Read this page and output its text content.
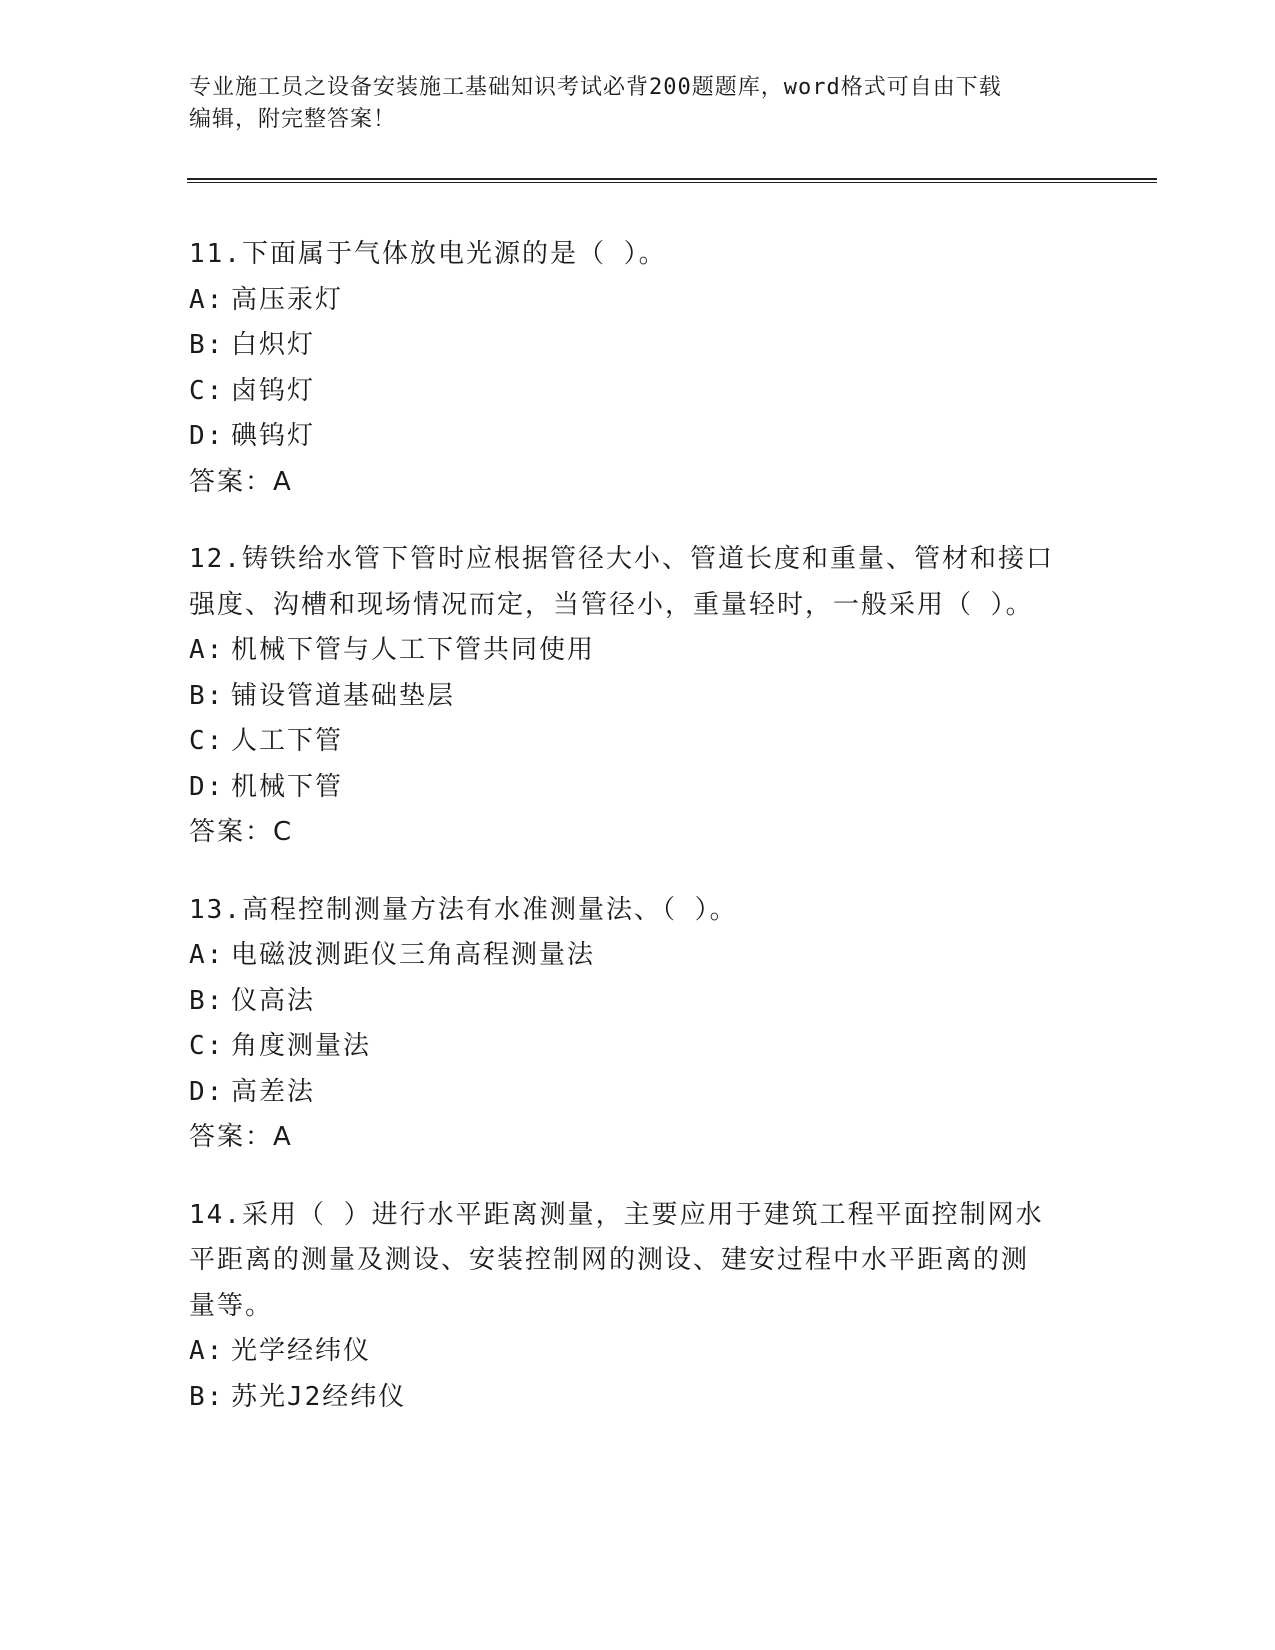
专业施工员之设备安装施工基础知识考试必背200题题库，word格式可自由下载
编辑，附完整答案！

11.下面属于气体放电光源的是（ ）。

A: 高压汞灯

B: 白炽灯

C: 卤钨灯

D: 碘钨灯

答案：A

12.铸铁给水管下管时应根据管径大小、管道长度和重量、管材和接口

强度、沟槽和现场情况而定，当管径小，重量轻时，一般采用（ ）。

A: 机械下管与人工下管共同使用

B: 铺设管道基础垫层

C: 人工下管

D: 机械下管

答案：C

13.高程控制测量方法有水准测量法、（ ）。

A: 电磁波测距仪三角高程测量法

B: 仪高法

C: 角度测量法

D: 高差法

答案：A

14.采用（ ）进行水平距离测量，主要应用于建筑工程平面控制网水

平距离的测量及测设、安装控制网的测设、建安过程中水平距离的测

量等。

A: 光学经纬仪

B: 苏光J2经纬仪
